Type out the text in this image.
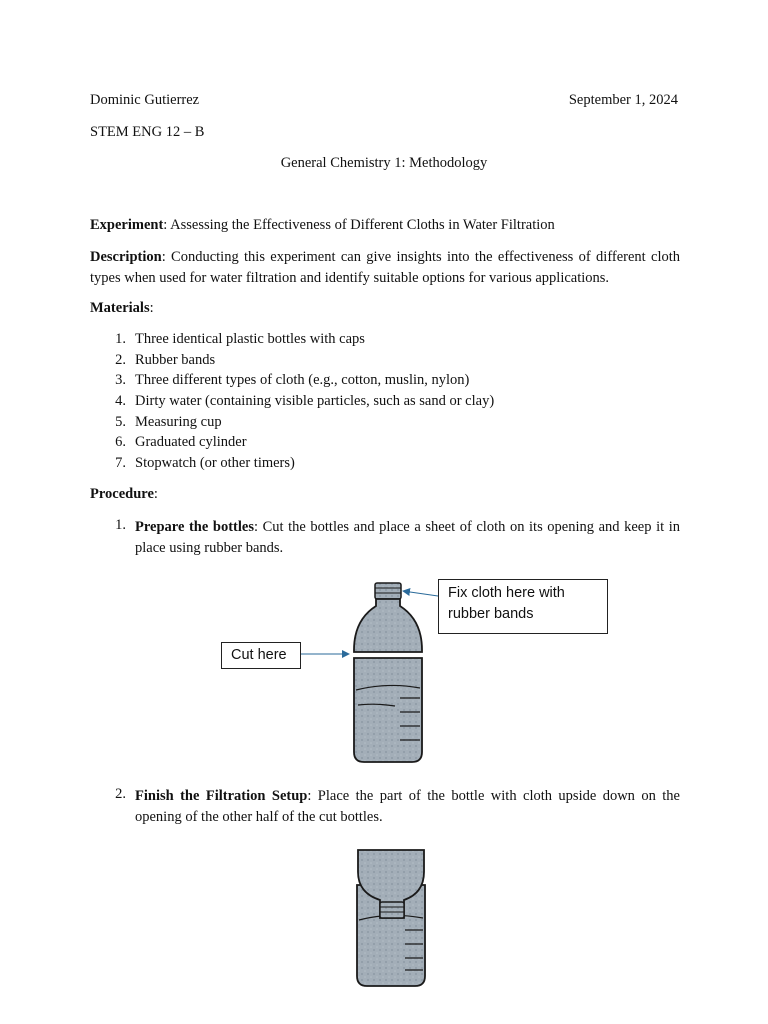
Dominic Gutierrez	September 1, 2024
STEM ENG 12 – B
General Chemistry 1: Methodology
Experiment: Assessing the Effectiveness of Different Cloths in Water Filtration
Description: Conducting this experiment can give insights into the effectiveness of different cloth types when used for water filtration and identify suitable options for various applications.
Materials:
1. Three identical plastic bottles with caps
2. Rubber bands
3. Three different types of cloth (e.g., cotton, muslin, nylon)
4. Dirty water (containing visible particles, such as sand or clay)
5. Measuring cup
6. Graduated cylinder
7. Stopwatch (or other timers)
Procedure:
1. Prepare the bottles: Cut the bottles and place a sheet of cloth on its opening and keep it in place using rubber bands.
Fix cloth here with rubber bands
Cut here
2. Finish the Filtration Setup: Place the part of the bottle with cloth upside down on the opening of the other half of the cut bottles.
